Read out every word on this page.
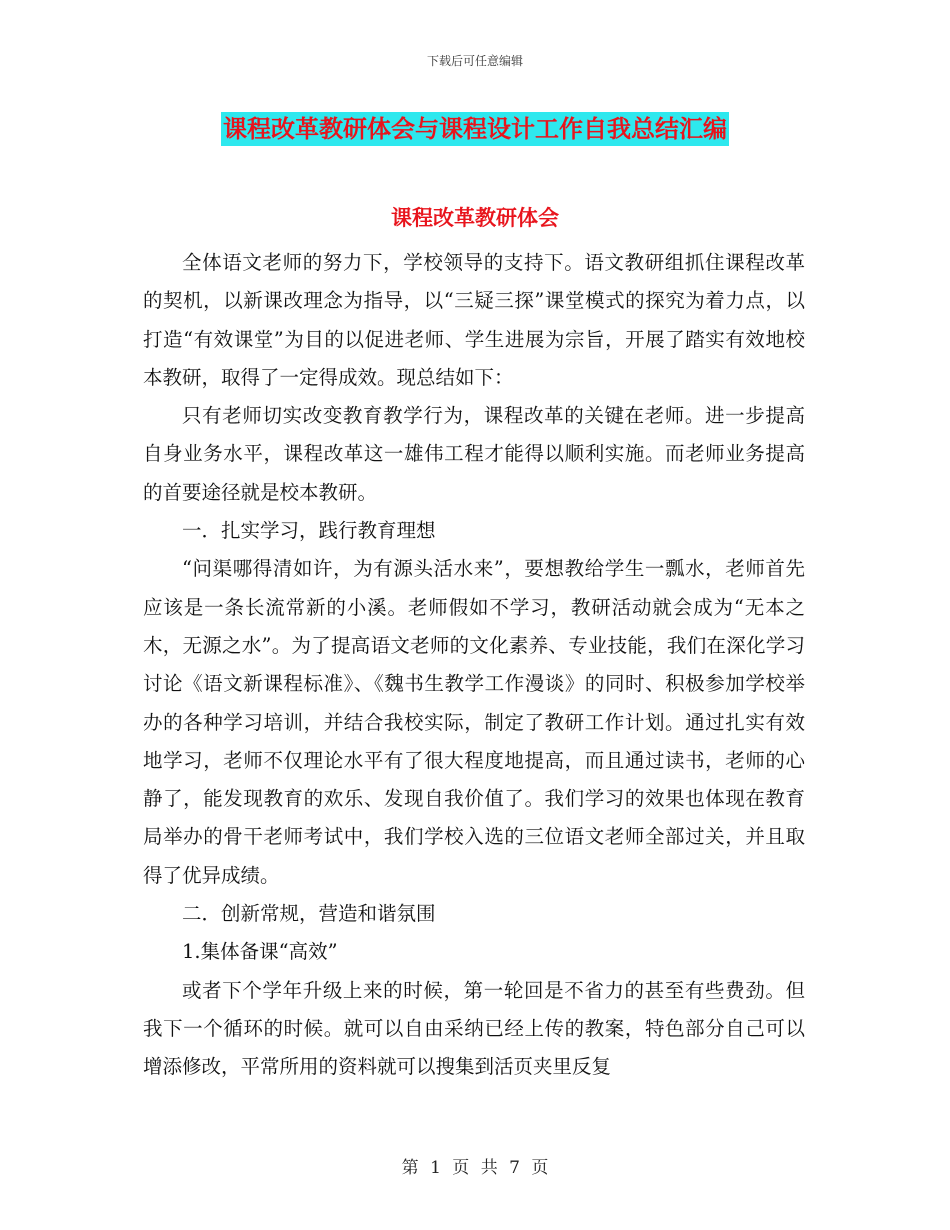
下载后可任意编辑
课程改革教研体会与课程设计工作自我总结汇编
课程改革教研体会

全体语文老师的努力下，学校领导的支持下。语文教研组抓住课程改革的契机，以新课改理念为指导，以“三疑三探”课堂模式的探究为着力点，以打造“有效课堂”为目的以促进老师、学生进展为宗旨，开展了踏实有效地校本教研，取得了一定得成效。现总结如下：

只有老师切实改变教育教学行为，课程改革的关键在老师。进一步提高自身业务水平，课程改革这一雄伟工程才能得以顺利实施。而老师业务提高的首要途径就是校本教研。

一．扎实学习，践行教育理想

“问渠哪得清如许，为有源头活水来”，要想教给学生一瓢水，老师首先应该是一条长流常新的小溪。老师假如不学习，教研活动就会成为“无本之木，无源之水”。为了提高语文老师的文化素养、专业技能，我们在深化学习讨论《语文新课程标准》、《魏书生教学工作漫谈》的同时、积极参加学校举办的各种学习培训，并结合我校实际，制定了教研工作计划。通过扎实有效地学习，老师不仅理论水平有了很大程度地提高，而且通过读书，老师的心静了，能发现教育的欢乐、发现自我价值了。我们学习的效果也体现在教育局举办的骨干老师考试中，我们学校入选的三位语文老师全部过关，并且取得了优异成绩。

二．创新常规，营造和谐氛围

1.集体备课“高效”

或者下个学年升级上来的时候，第一轮回是不省力的甚至有些费劲。但我下一个循环的时候。就可以自由采纳已经上传的教案，特色部分自己可以增添修改，平常所用的资料就可以搜集到活页夹里反复

第 1 页 共 7 页
